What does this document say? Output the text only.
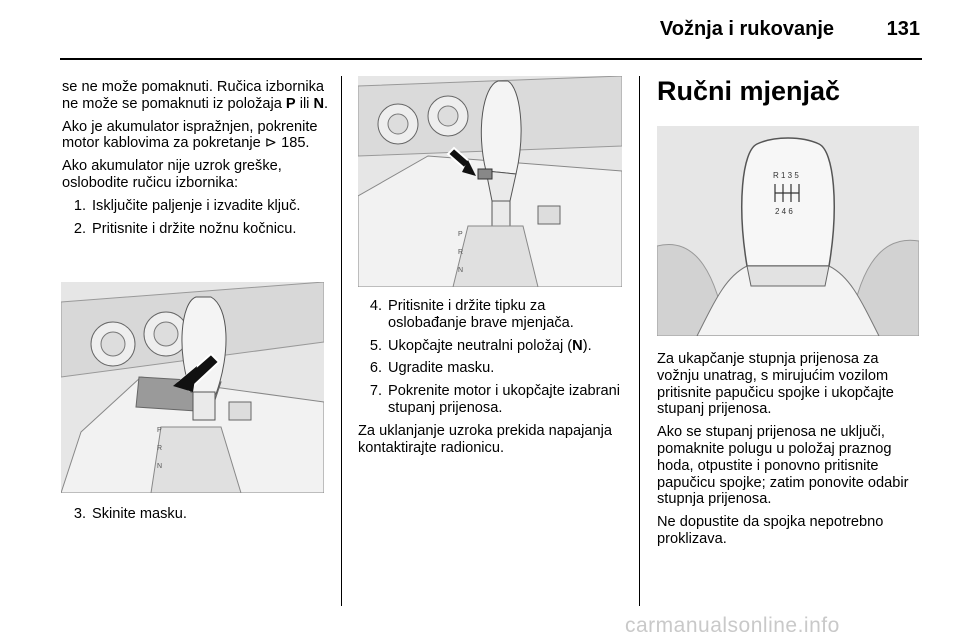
Vožnja i rukovanje	131

se ne može pomaknuti. Ručica izbornika ne može se pomaknuti iz položaja P ili N.

Ako je akumulator ispražnjen, pokrenite motor kablovima za pokretanje ⊳ 185.

Ako akumulator nije uzrok greške, oslobodite ručicu izbornika:

1. Isključite paljenje i izvadite ključ.
2. Pritisnite i držite nožnu kočnicu.
P
R
N
3. Skinite masku.
P
R
N
4. Pritisnite i držite tipku za oslobađanje brave mjenjača.
5. Ukopčajte neutralni položaj (N).
6. Ugradite masku.
7. Pokrenite motor i ukopčajte izabrani stupanj prijenosa.

Za uklanjanje uzroka prekida napajanja kontaktirajte radionicu.

Ručni mjenjač
R 1 3 5
2 4 6

Za ukapčanje stupnja prijenosa za vožnju unatrag, s mirujućim vozilom pritisnite papučicu spojke i ukopčajte stupanj prijenosa.

Ako se stupanj prijenosa ne uključi, pomaknite polugu u položaj praznog hoda, otpustite i ponovno pritisnite papučicu spojke; zatim ponovite odabir stupnja prijenosa.

Ne dopustite da spojka nepotrebno proklizava.

carmanualsonline.info
